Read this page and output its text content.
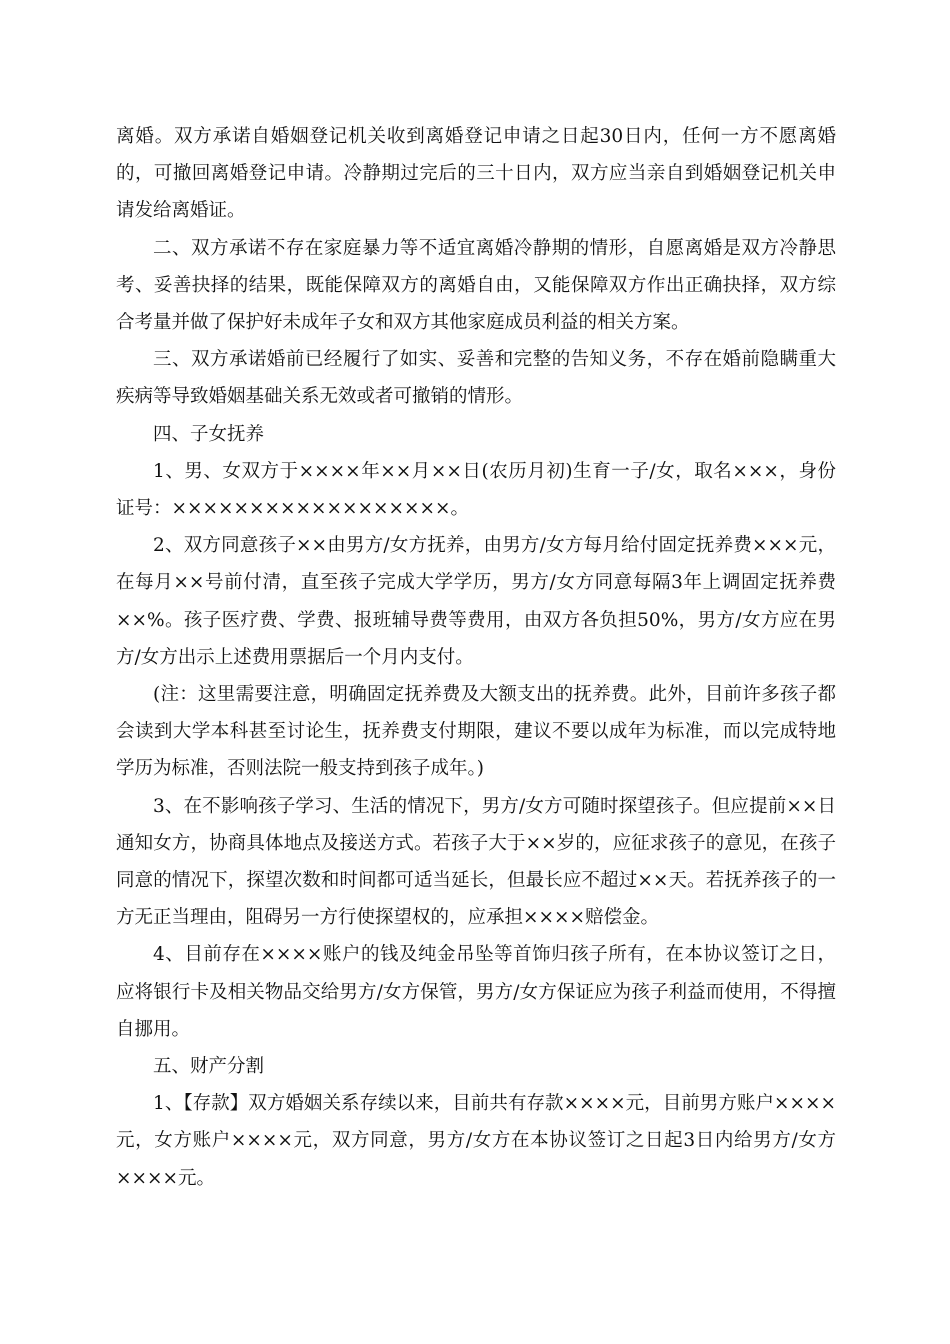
离婚。双方承诺自婚姻登记机关收到离婚登记申请之日起30日内，任何一方不愿离婚的，可撤回离婚登记申请。冷静期过完后的三十日内，双方应当亲自到婚姻登记机关申请发给离婚证。

二、双方承诺不存在家庭暴力等不适宜离婚冷静期的情形，自愿离婚是双方冷静思考、妥善抉择的结果，既能保障双方的离婚自由，又能保障双方作出正确抉择，双方综合考量并做了保护好未成年子女和双方其他家庭成员利益的相关方案。

三、双方承诺婚前已经履行了如实、妥善和完整的告知义务，不存在婚前隐瞒重大疾病等导致婚姻基础关系无效或者可撤销的情形。

四、子女抚养

1、男、女双方于××××年××月××日(农历月初)生育一子/女，取名×××，身份证号：××××××××××××××××××。

2、双方同意孩子××由男方/女方抚养，由男方/女方每月给付固定抚养费×××元，在每月××号前付清，直至孩子完成大学学历，男方/女方同意每隔3年上调固定抚养费××%。孩子医疗费、学费、报班辅导费等费用，由双方各负担50%，男方/女方应在男方/女方出示上述费用票据后一个月内支付。

(注：这里需要注意，明确固定抚养费及大额支出的抚养费。此外，目前许多孩子都会读到大学本科甚至讨论生，抚养费支付期限，建议不要以成年为标准，而以完成特地学历为标准，否则法院一般支持到孩子成年。)

3、在不影响孩子学习、生活的情况下，男方/女方可随时探望孩子。但应提前××日通知女方，协商具体地点及接送方式。若孩子大于××岁的，应征求孩子的意见，在孩子同意的情况下，探望次数和时间都可适当延长，但最长应不超过××天。若抚养孩子的一方无正当理由，阻碍另一方行使探望权的，应承担××××赔偿金。

4、目前存在××××账户的钱及纯金吊坠等首饰归孩子所有，在本协议签订之日，应将银行卡及相关物品交给男方/女方保管，男方/女方保证应为孩子利益而使用，不得擅自挪用。

五、财产分割

1、【存款】双方婚姻关系存续以来，目前共有存款××××元，目前男方账户××××元，女方账户××××元，双方同意，男方/女方在本协议签订之日起3日内给男方/女方××××元。
